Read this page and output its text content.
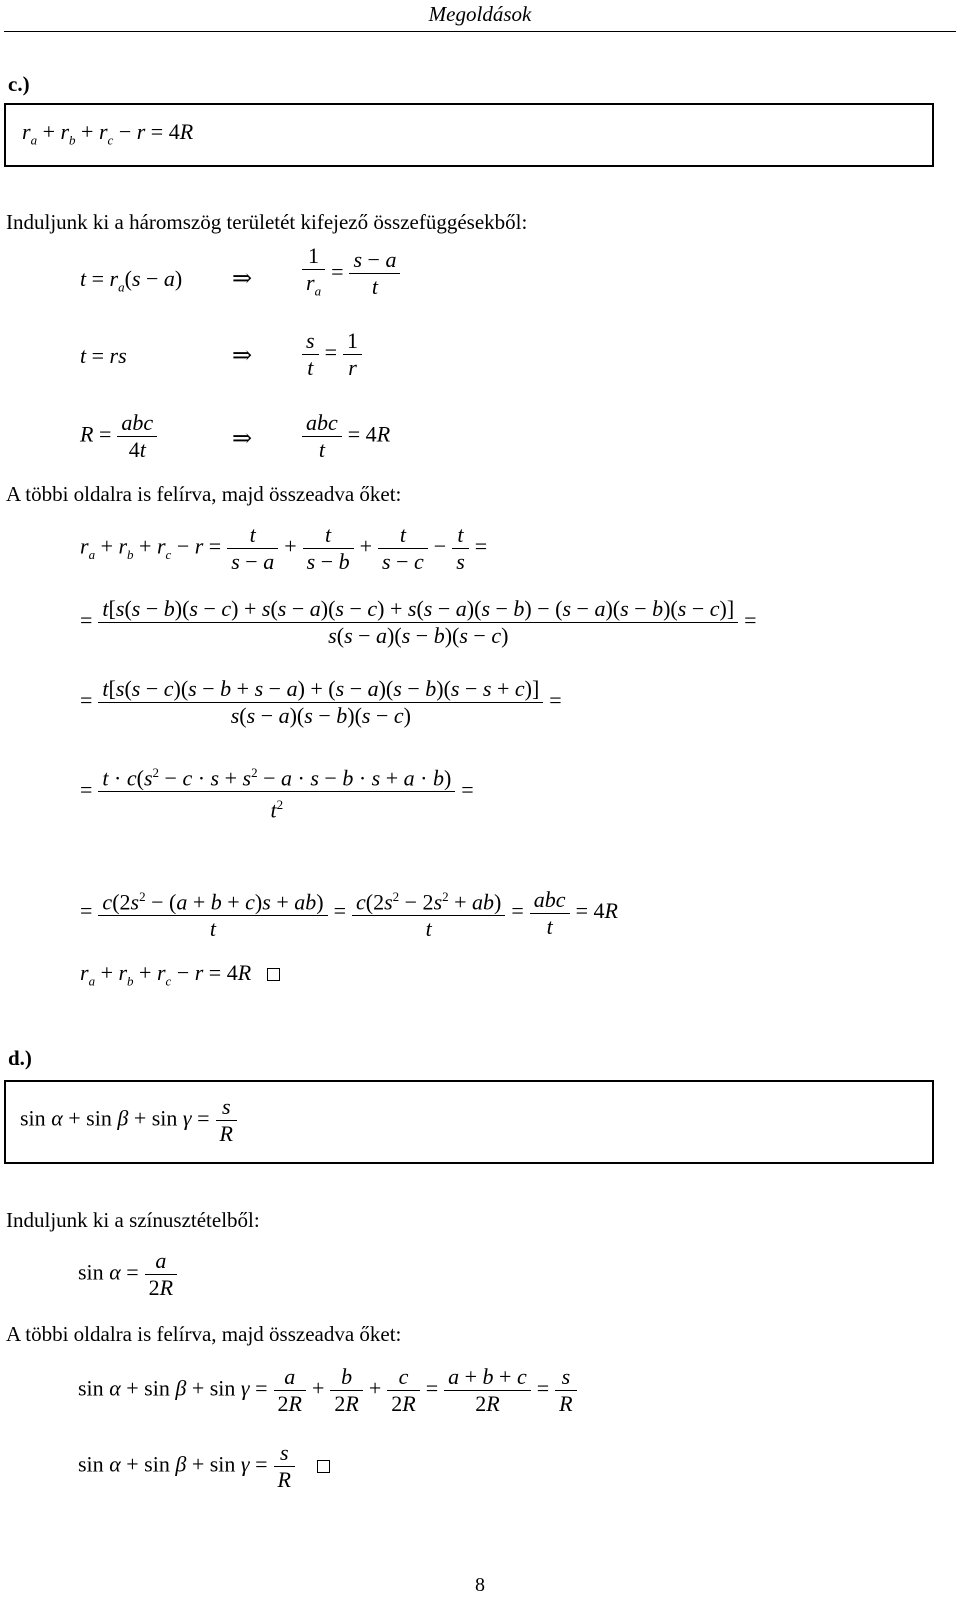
Megoldások
c.)
$r_a + r_b + r_c - r = 4R$
Induljunk ki a háromszög területét kifejező összefüggésekből:
$t = r_a(s - a)$ ⇒ $\frac{1}{r_a} = \frac{s - a}{t}$
t = rs	⇒ $\frac{s}{t} = \frac{1}{r}$
$R = \frac{\text{abc}}{4t}$	⇒ $\frac{\text{abc}}{t} = 4R$
A többi oldalra is felírva, majd összeadva őket:
$r_a + r_b + r_c - r = \frac{t}{s - a} + \frac{t}{s - b} + \frac{t}{s - c} - \frac{t}{s}$ =
= t[s(s − b)(s − c) + s(s − a)(s − c) + s(s − a)(s − b) − (s − a)(s − b)(s − c)]
s(s − a)(s − b)(s − c)
=
= $\frac{t[s(s - c)(s - b + s - a) + (s - a)(s - b)(s - s + c)]}{s(s - a)(s - b)(s - c)}$ =
= $\frac{t \cdot c(s^2 - c \cdot s + s^2 - a \cdot s - b \cdot s + a \cdot b)}{t^2}$ =
= $\frac{c(2s^2 - (a + b + c)s + ab)}{t} = \frac{c(2s^2 - 2s^2 + ab)}{t} = \frac{\text{abc}}{t} = 4R$
$r_a + r_b + r_c - r = 4R$
d.)
$\sin \alpha + \sin \beta + \sin \gamma = \frac{s}{R}$
Induljunk ki a színusztételből:
$\sin \alpha = \frac{a}{2R}$
A többi oldalra is felírva, majd összeadva őket:
$\sin \alpha + \sin \beta + \sin \gamma = \frac{a}{2R} + \frac{b}{2R} + \frac{c}{2R} = \frac{a + b + c}{2R} = \frac{s}{R}$
$\sin \alpha + \sin \beta + \sin \gamma = \frac{s}{R}$
8
